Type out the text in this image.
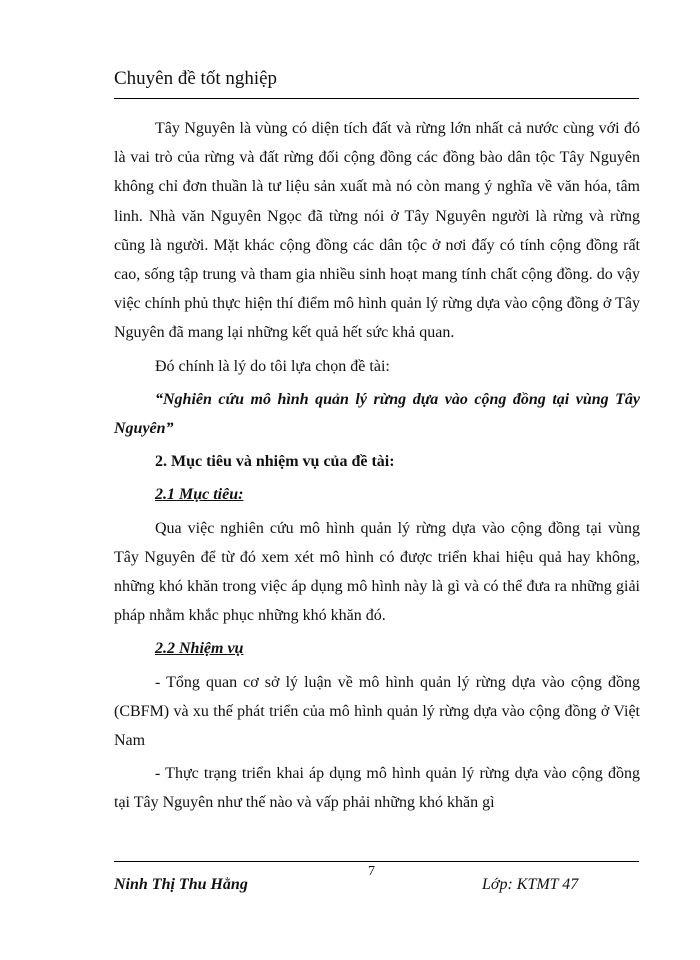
Chuyên đề tốt nghiệp

Tây Nguyên là vùng có diện tích đất và rừng lớn nhất cả nước cùng với đó là vai trò của rừng và đất rừng đối cộng đồng các đồng bào dân tộc Tây Nguyên không chỉ đơn thuần là tư liệu sản xuất mà nó còn mang ý nghĩa về văn hóa, tâm linh. Nhà văn Nguyên Ngọc đã từng nói ở Tây Nguyên người là rừng và rừng cũng là người. Mặt khác cộng đồng các dân tộc ở nơi đấy có tính cộng đồng rất cao, sống tập trung và tham gia nhiều sinh hoạt mang tính chất cộng đồng. do vậy việc chính phủ thực hiện thí điểm mô hình quản lý rừng dựa vào cộng đồng ở Tây Nguyên đã mang lại những kết quả hết sức khả quan.

Đó chính là lý do tôi lựa chọn đề tài:

“Nghiên cứu mô hình quản lý rừng dựa vào cộng đồng tại vùng Tây Nguyên”

2. Mục tiêu và nhiệm vụ của đề tài:

2.1 Mục tiêu:

Qua việc nghiên cứu mô hình quản lý rừng dựa vào cộng đồng tại vùng Tây Nguyên để từ đó xem xét mô hình có được triển khai hiệu quả hay không, những khó khăn trong việc áp dụng mô hình này là gì và có thể đưa ra những giải pháp nhằm khắc phục những khó khăn đó.

2.2 Nhiệm vụ

- Tổng quan cơ sở lý luận về mô hình quản lý rừng dựa vào cộng đồng (CBFM) và xu thế phát triển của mô hình quản lý rừng dựa vào cộng đồng ở Việt Nam

- Thực trạng triển khai áp dụng mô hình quản lý rừng dựa vào cộng đồng tại Tây Nguyên như thế nào và vấp phải những khó khăn gì

7
Ninh Thị Thu Hằng	Lớp: KTMT 47
